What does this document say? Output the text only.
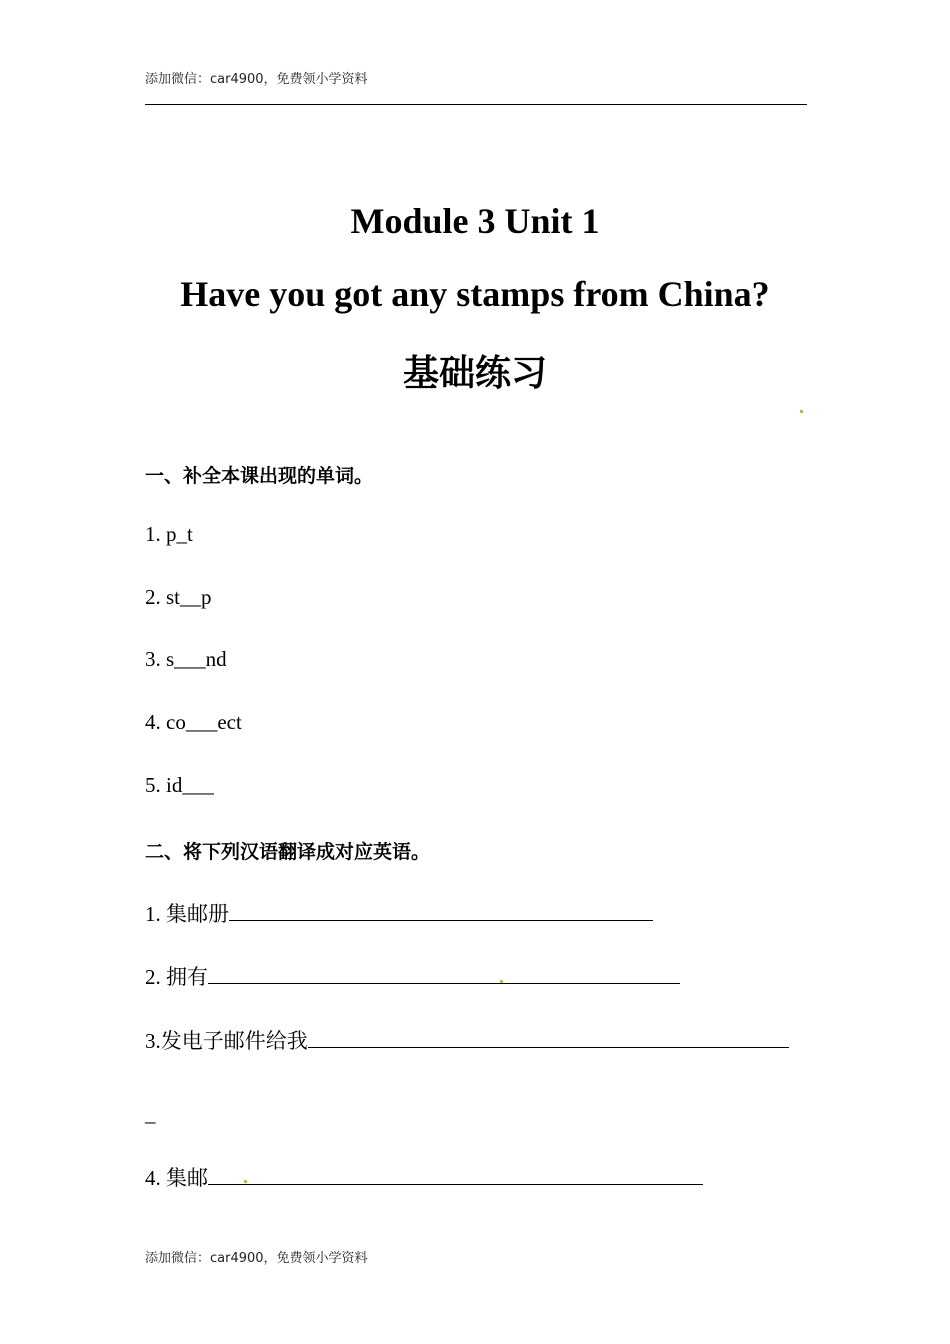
添加微信：car4900，免费领小学资料
Module 3 Unit 1
Have you got any stamps from China?
基础练习
一、补全本课出现的单词。
1. p_t
2. st__p
3. s___nd
4. co___ect
5. id___
二、将下列汉语翻译成对应英语。
1. 集邮册
2. 拥有
3.发电子邮件给我
_
4. 集邮
添加微信：car4900，免费领小学资料
